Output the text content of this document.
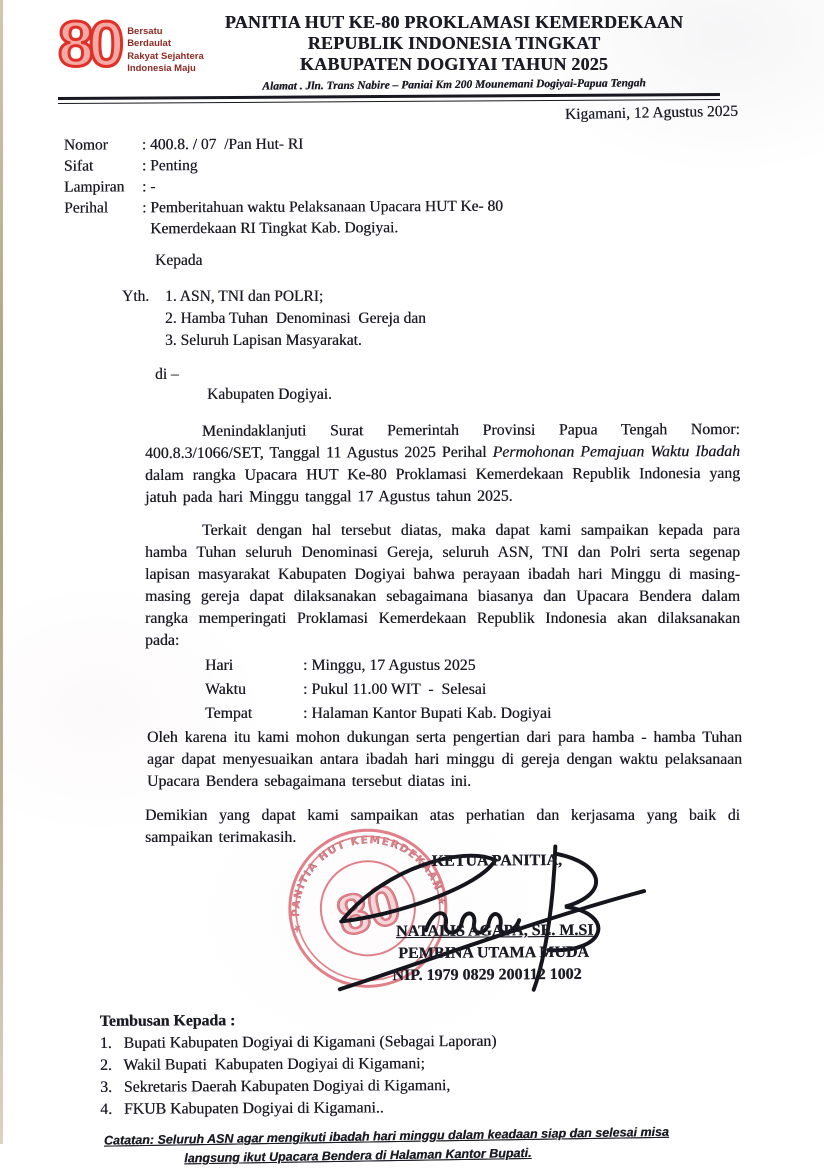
80 Bersatu Berdaulat
Rakyat Sejahtera
Indonesia Maju
PANITIA HUT KE-80 PROKLAMASI KEMERDEKAAN
REPUBLIK INDONESIA TINGKAT
KABUPATEN DOGIYAI TAHUN 2025
Alamat . Jln. Trans Nabire – Paniai Km 200 Mounemani Dogiyai-Papua Tengah
Kigamani, 12 Agustus 2025
Nomor	: 400.8. / 07  /Pan Hut- RI
Sifat	: Penting
Lampiran	: -
Perihal	: Pemberitahuan waktu Pelaksanaan Upacara HUT Ke- 80
Kemerdekaan RI Tingkat Kab. Dogiyai.
Kepada
Yth.	1. ASN, TNI dan POLRI;
2. Hamba Tuhan  Denominasi  Gereja dan
3. Seluruh Lapisan Masyarakat.
di –
Kabupaten Dogiyai.

Menindaklanjuti Surat Pemerintah Provinsi Papua Tengah Nomor: 400.8.3/1066/SET, Tanggal 11 Agustus 2025 Perihal Permohonan Pemajuan Waktu Ibadah dalam rangka Upacara HUT Ke-80 Proklamasi Kemerdekaan Republik Indonesia yang jatuh pada hari Minggu tanggal 17 Agustus tahun 2025.

Terkait dengan hal tersebut diatas, maka dapat kami sampaikan kepada para hamba Tuhan seluruh Denominasi Gereja, seluruh ASN, TNI dan Polri serta segenap lapisan masyarakat Kabupaten Dogiyai bahwa perayaan ibadah hari Minggu di masing-masing gereja dapat dilaksanakan sebagaimana biasanya dan Upacara Bendera dalam rangka memperingati Proklamasi Kemerdekaan Republik Indonesia akan dilaksanakan pada:

Hari	: Minggu, 17 Agustus 2025
Waktu	: Pukul 11.00 WIT  -  Selesai
Tempat	: Halaman Kantor Bupati Kab. Dogiyai

Oleh karena itu kami mohon dukungan serta pengertian dari para hamba - hamba Tuhan agar dapat menyesuaikan antara ibadah hari minggu di gereja dengan waktu pelaksanaan Upacara Bendera sebagaimana tersebut diatas ini.

Demikian yang dapat kami sampaikan atas perhatian dan kerjasama yang baik di sampaikan terimakasih.

★ PANITIA HUT KEMERDEKAAN ★
80
KETUA PANITIA,
NATALIS AGAPA, SE. M.SI
PEMBINA UTAMA MUDA
NIP. 1979 0829 200112 1002
Tembusan Kepada :
1.   Bupati Kabupaten Dogiyai di Kigamani (Sebagai Laporan)
2.   Wakil Bupati  Kabupaten Dogiyai di Kigamani;
3.   Sekretaris Daerah Kabupaten Dogiyai di Kigamani,
4.   FKUB Kabupaten Dogiyai di Kigamani..
Catatan: Seluruh ASN agar mengikuti ibadah hari minggu dalam keadaan siap dan selesai misa
langsung ikut Upacara Bendera di Halaman Kantor Bupati.
